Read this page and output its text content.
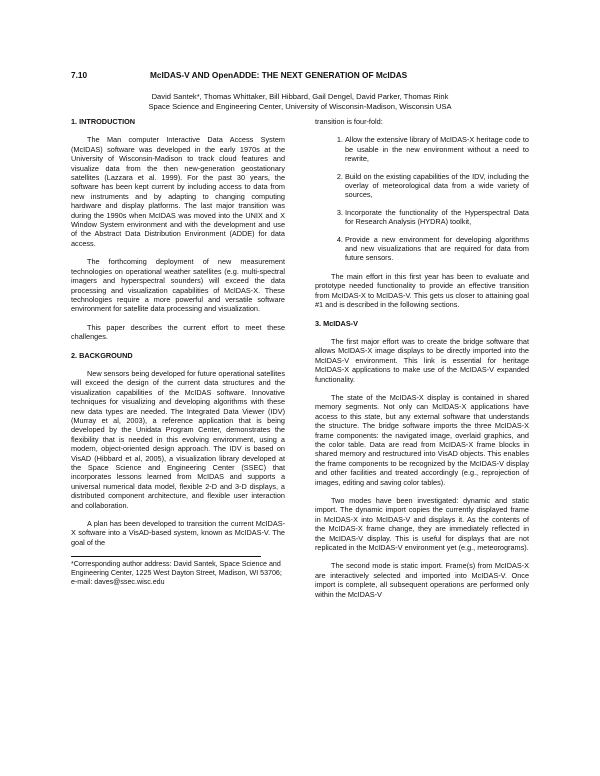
7.10	McIDAS-V AND OpenADDE: THE NEXT GENERATION OF McIDAS
David Santek*, Thomas Whittaker, Bill Hibbard, Gail Dengel, David Parker, Thomas Rink
Space Science and Engineering Center, University of Wisconsin-Madison, Wisconsin USA
1. INTRODUCTION

The Man computer Interactive Data Access System (McIDAS) software was developed in the early 1970s at the University of Wisconsin-Madison to track cloud features and visualize data from the then new-generation geostationary satellites (Lazzara et al. 1999). For the past 30 years, the software has been kept current by including access to data from new instruments and by adapting to changing computing hardware and display platforms. The last major transition was during the 1990s when McIDAS was moved into the UNIX and X Window System environment and with the development and use of the Abstract Data Distribution Environment (ADDE) for data access.

The forthcoming deployment of new measurement technologies on operational weather satellites (e.g. multi-spectral imagers and hyperspectral sounders) will exceed the data processing and visualization capabilities of McIDAS-X. These technologies require a more powerful and versatile software environment for satellite data processing and visualization.

This paper describes the current effort to meet these challenges.

2. BACKGROUND

New sensors being developed for future operational satellites will exceed the design of the current data structures and the visualization capabilities of the McIDAS software. Innovative techniques for visualizing and developing algorithms with these new data types are needed. The Integrated Data Viewer (IDV) (Murray et al, 2003), a reference application that is being developed by the Unidata Program Center, demonstrates the flexibility that is needed in this evolving environment, using a modern, object-oriented design approach. The IDV is based on VisAD (Hibbard et al, 2005), a visualization library developed at the Space Science and Engineering Center (SSEC) that incorporates lessons learned from McIDAS and supports a universal numerical data model, flexible 2-D and 3-D displays, a distributed component architecture, and flexible user interaction and collaboration.

A plan has been developed to transition the current McIDAS-X software into a VisAD-based system, known as McIDAS-V. The goal of the

*Corresponding author address: David Santek, Space Science and Engineering Center, 1225 West Dayton Street, Madison, WI 53706; e-mail: daves@ssec.wisc.edu

transition is four-fold:

1. Allow the extensive library of McIDAS-X heritage code to be usable in the new environment without a need to rewrite,
2. Build on the existing capabilities of the IDV, including the overlay of meteorological data from a wide variety of sources,
3. Incorporate the functionality of the Hyperspectral Data for Research Analysis (HYDRA) toolkit,
4. Provide a new environment for developing algorithms and new visualizations that are required for data from future sensors.

The main effort in this first year has been to evaluate and prototype needed functionality to provide an effective transition from McIDAS-X to McIDAS-V. This gets us closer to attaining goal #1 and is described in the following sections.

3. McIDAS-V

The first major effort was to create the bridge software that allows McIDAS-X image displays to be directly imported into the McIDAS-V environment. This link is essential for heritage McIDAS-X applications to make use of the McIDAS-V expanded functionality.

The state of the McIDAS-X display is contained in shared memory segments. Not only can McIDAS-X applications have access to this state, but any external software that understands the structure. The bridge software imports the three McIDAS-X frame components: the navigated image, overlaid graphics, and the color table. Data are read from McIDAS-X frame blocks in shared memory and restructured into VisAD objects. This enables the frame components to be recognized by the McIDAS-V display and other facilities and treated accordingly (e.g., reprojection of images, editing and saving color tables).

Two modes have been investigated: dynamic and static import. The dynamic import copies the currently displayed frame in McIDAS-X into McIDAS-V and displays it. As the contents of the McIDAS-X frame change, they are immediately reflected in the McIDAS-V display. This is useful for displays that are not replicated in the McIDAS-V environment yet (e.g., meteorograms).

The second mode is static import. Frame(s) from McIDAS-X are interactively selected and imported into McIDAS-V. Once import is complete, all subsequent operations are performed only within the McIDAS-V
